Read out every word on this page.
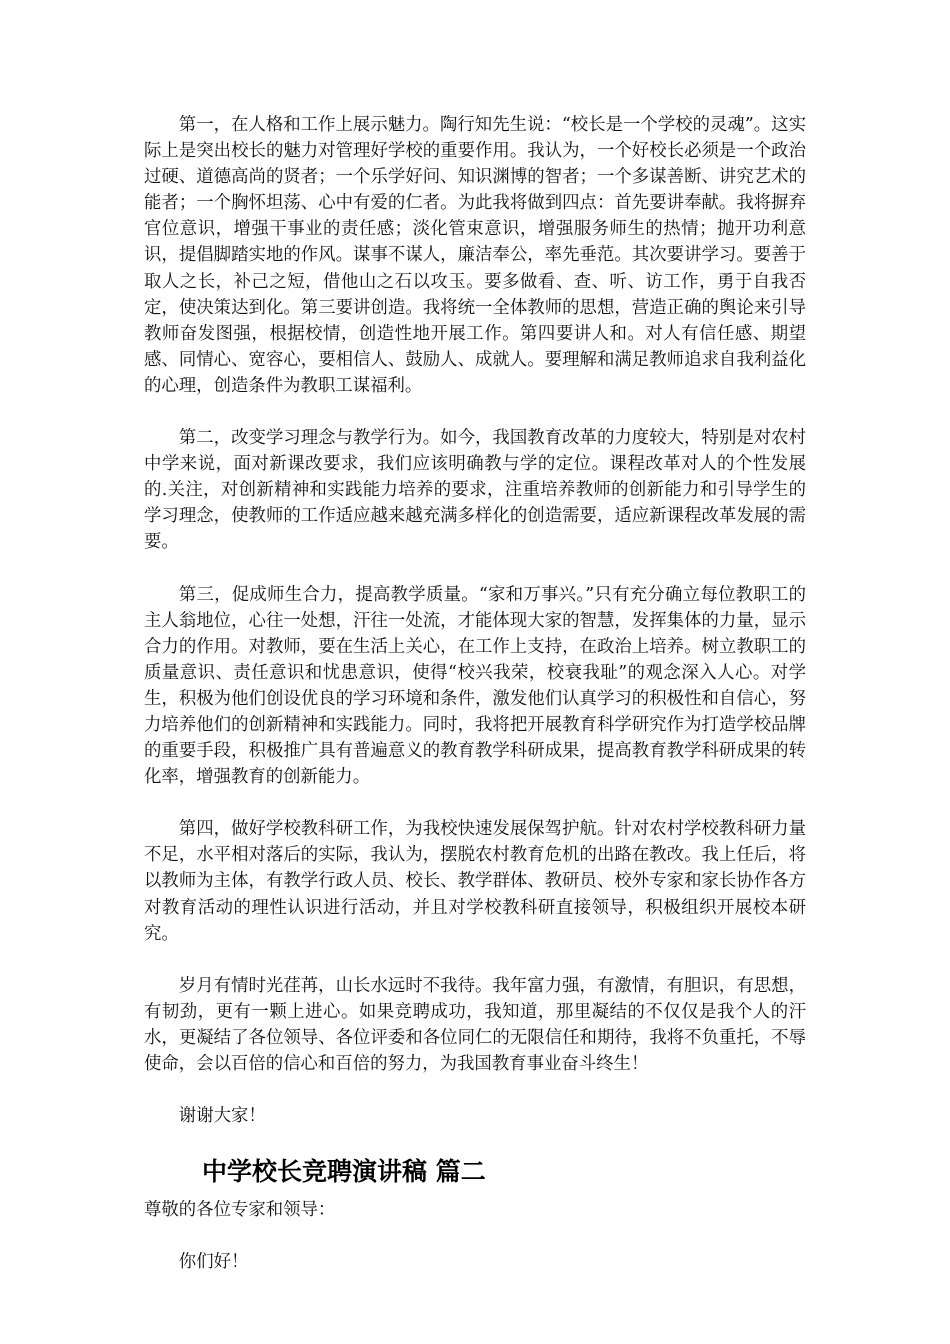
第一，在人格和工作上展示魅力。陶行知先生说：“校长是一个学校的灵魂”。这实际上是突出校长的魅力对管理好学校的重要作用。我认为，一个好校长必须是一个政治过硬、道德高尚的贤者；一个乐学好问、知识渊博的智者；一个多谋善断、讲究艺术的能者；一个胸怀坦荡、心中有爱的仁者。为此我将做到四点：首先要讲奉献。我将摒弃官位意识，增强干事业的责任感；淡化管束意识，增强服务师生的热情；抛开功利意识，提倡脚踏实地的作风。谋事不谋人，廉洁奉公，率先垂范。其次要讲学习。要善于取人之长，补己之短，借他山之石以攻玉。要多做看、查、听、访工作，勇于自我否定，使决策达到化。第三要讲创造。我将统一全体教师的思想，营造正确的舆论来引导教师奋发图强，根据校情，创造性地开展工作。第四要讲人和。对人有信任感、期望感、同情心、宽容心，要相信人、鼓励人、成就人。要理解和满足教师追求自我利益化的心理，创造条件为教职工谋福利。

第二，改变学习理念与教学行为。如今，我国教育改革的力度较大，特别是对农村中学来说，面对新课改要求，我们应该明确教与学的定位。课程改革对人的个性发展的.关注，对创新精神和实践能力培养的要求，注重培养教师的创新能力和引导学生的学习理念，使教师的工作适应越来越充满多样化的创造需要，适应新课程改革发展的需要。

第三，促成师生合力，提高教学质量。“家和万事兴。”只有充分确立每位教职工的主人翁地位，心往一处想，汗往一处流，才能体现大家的智慧，发挥集体的力量，显示合力的作用。对教师，要在生活上关心，在工作上支持，在政治上培养。树立教职工的质量意识、责任意识和忧患意识，使得“校兴我荣，校衰我耻”的观念深入人心。对学生，积极为他们创设优良的学习环境和条件，激发他们认真学习的积极性和自信心，努力培养他们的创新精神和实践能力。同时，我将把开展教育科学研究作为打造学校品牌的重要手段，积极推广具有普遍意义的教育教学科研成果，提高教育教学科研成果的转化率，增强教育的创新能力。

第四，做好学校教科研工作，为我校快速发展保驾护航。针对农村学校教科研力量不足，水平相对落后的实际，我认为，摆脱农村教育危机的出路在教改。我上任后，将以教师为主体，有教学行政人员、校长、教学群体、教研员、校外专家和家长协作各方对教育活动的理性认识进行活动，并且对学校教科研直接领导，积极组织开展校本研究。

岁月有情时光荏苒，山长水远时不我待。我年富力强，有激情，有胆识，有思想，有韧劲，更有一颗上进心。如果竞聘成功，我知道，那里凝结的不仅仅是我个人的汗水，更凝结了各位领导、各位评委和各位同仁的无限信任和期待，我将不负重托，不辱使命，会以百倍的信心和百倍的努力，为我国教育事业奋斗终生！

谢谢大家！

中学校长竞聘演讲稿 篇二

尊敬的各位专家和领导：

你们好！
